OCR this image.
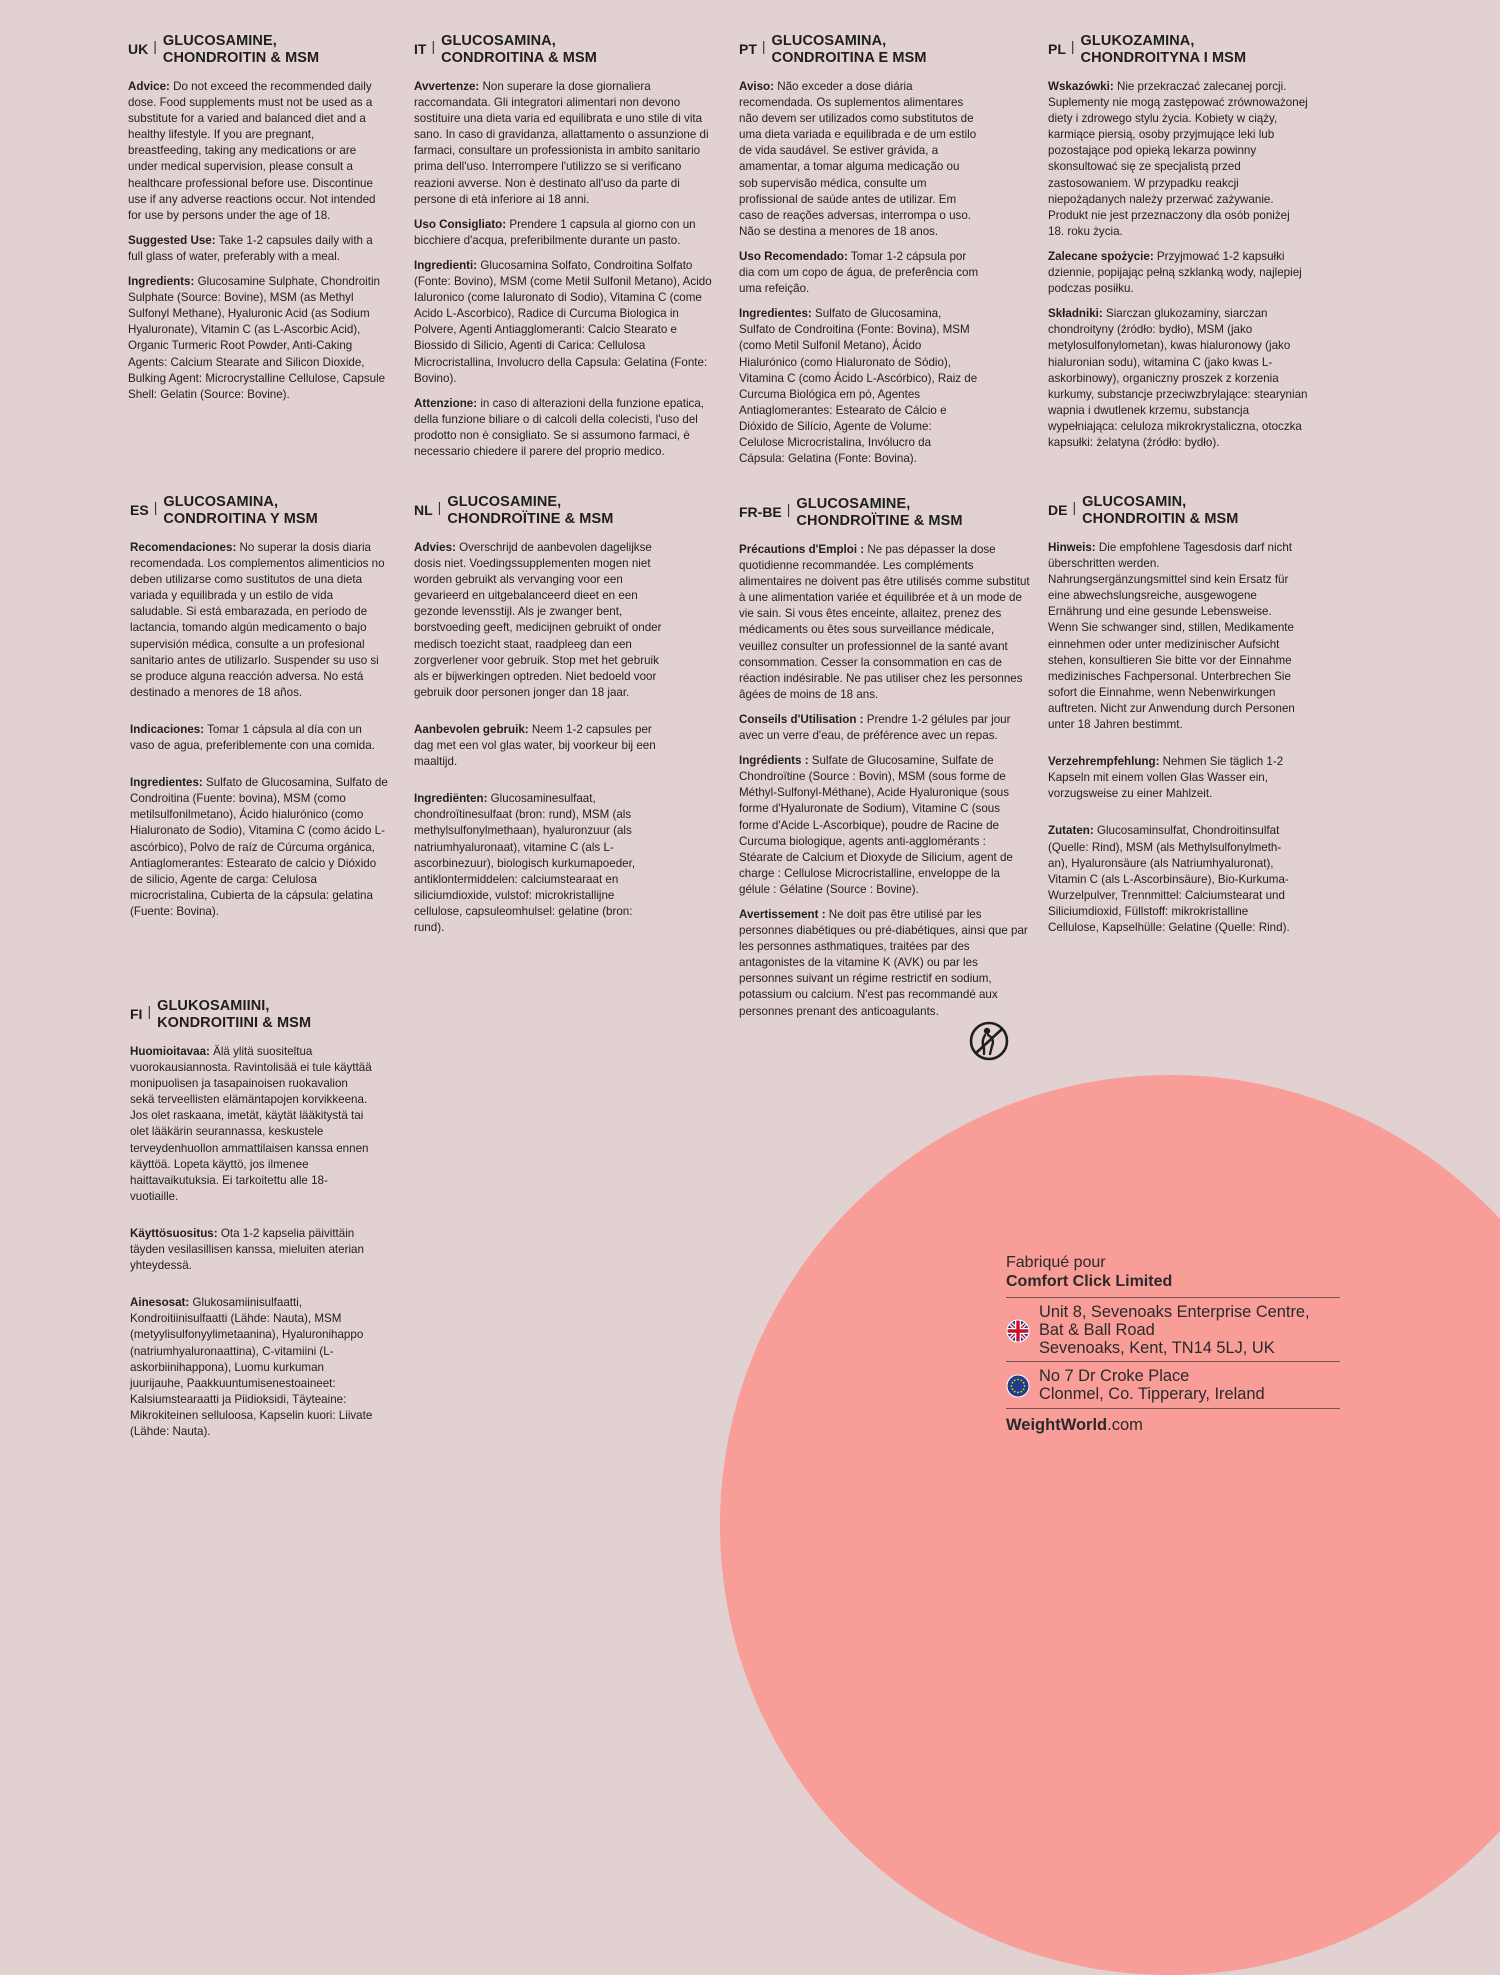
UK | GLUCOSAMINE,
CHONDROITIN & MSM

Advice: Do not exceed the recommended daily dose. Food supplements must not be used as a substitute for a varied and balanced diet and a healthy lifestyle. If you are pregnant, breastfeeding, taking any medications or are under medical supervision, please consult a healthcare professional before use. Discontinue use if any adverse reactions occur. Not intended for use by persons under the age of 18.

Suggested Use: Take 1-2 capsules daily with a full glass of water, preferably with a meal.

Ingredients: Glucosamine Sulphate, Chondroitin Sulphate (Source: Bovine), MSM (as Methyl Sulfonyl Methane), Hyaluronic Acid (as Sodium Hyaluronate), Vitamin C (as L-Ascorbic Acid), Organic Turmeric Root Powder, Anti-Caking Agents: Calcium Stearate and Silicon Dioxide, Bulking Agent: Microcrystalline Cellulose, Capsule Shell: Gelatin (Source: Bovine).

IT | GLUCOSAMINA,
CONDROITINA & MSM

Avvertenze: Non superare la dose giornaliera raccomandata. Gli integratori alimentari non devono sostituire una dieta varia ed equilibrata e uno stile di vita sano. In caso di gravidanza, allattamento o assunzione di farmaci, consultare un professionista in ambito sanitario prima dell'uso. Interrompere l'utilizzo se si verificano reazioni avverse. Non è destinato all'uso da parte di persone di età inferiore ai 18 anni.

Uso Consigliato: Prendere 1 capsula al giorno con un bicchiere d'acqua, preferibilmente durante un pasto.

Ingredienti: Glucosamina Solfato, Condroitina Solfato (Fonte: Bovino), MSM (come Metil Sulfonil Metano), Acido Ialuronico (come Ialuronato di Sodio), Vitamina C (come Acido L-Ascorbico), Radice di Curcuma Biologica in Polvere, Agenti Antiagglomeranti: Calcio Stearato e Biossido di Silicio, Agenti di Carica: Cellulosa Microcristallina, Involucro della Capsula: Gelatina (Fonte: Bovino).

Attenzione: in caso di alterazioni della funzione epatica, della funzione biliare o di calcoli della colecisti, l'uso del prodotto non è consigliato. Se si assumono farmaci, è necessario chiedere il parere del proprio medico.

PT | GLUCOSAMINA,
CONDROITINA E MSM

Aviso: Não exceder a dose diária recomendada. Os suplementos alimentares não devem ser utilizados como substitutos de uma dieta variada e equilibrada e de um estilo de vida saudável. Se estiver grávida, a amamentar, a tomar alguma medicação ou sob supervisão médica, consulte um profissional de saúde antes de utilizar. Em caso de reações adversas, interrompa o uso. Não se destina a menores de 18 anos.

Uso Recomendado: Tomar 1-2 cápsula por dia com um copo de água, de preferência com uma refeição.

Ingredientes: Sulfato de Glucosamina, Sulfato de Condroitina (Fonte: Bovina), MSM (como Metil Sulfonil Metano), Ácido Hialurónico (como Hialuronato de Sódio), Vitamina C (como Ácido L-Ascórbico), Raiz de Curcuma Biológica em pó, Agentes Antiaglomerantes: Estearato de Cálcio e Dióxido de Silício, Agente de Volume: Celulose Microcristalina, Invólucro da Cápsula: Gelatina (Fonte: Bovina).

PL | GLUKOZAMINA,
CHONDROITYNA I MSM

Wskazówki: Nie przekraczać zalecanej porcji. Suplementy nie mogą zastępować zrównoważonej diety i zdrowego stylu życia. Kobiety w ciąży, karmiące piersią, osoby przyjmujące leki lub pozostające pod opieką lekarza powinny skonsultować się ze specjalistą przed zastosowaniem. W przypadku reakcji niepożądanych należy przerwać zażywanie. Produkt nie jest przeznaczony dla osób poniżej 18. roku życia.

Zalecane spożycie: Przyjmować 1-2 kapsułki dziennie, popijając pełną szklanką wody, najlepiej podczas posiłku.

Składniki: Siarczan glukozaminy, siarczan chondroityny (źródło: bydło), MSM (jako metylosulfonylometan), kwas hialuronowy (jako hialuronian sodu), witamina C (jako kwas L-askorbinowy), organiczny proszek z korzenia kurkumy, substancje przeciwzbrylające: stearynian wapnia i dwutlenek krzemu, substancja wypełniająca: celuloza mikrokrystaliczna, otoczka kapsułki: żelatyna (źródło: bydło).

ES | GLUCOSAMINA,
CONDROITINA Y MSM

Recomendaciones: No superar la dosis diaria recomendada. Los complementos alimenticios no deben utilizarse como sustitutos de una dieta variada y equilibrada y un estilo de vida saludable. Si está embarazada, en período de lactancia, tomando algún medicamento o bajo supervisión médica, consulte a un profesional sanitario antes de utilizarlo. Suspender su uso si se produce alguna reacción adversa. No está destinado a menores de 18 años.

Indicaciones: Tomar 1 cápsula al día con un vaso de agua, preferiblemente con una comida.

Ingredientes: Sulfato de Glucosamina, Sulfato de Condroitina (Fuente: bovina), MSM (como metilsulfonilmetano), Ácido hialurónico (como Hialuronato de Sodio), Vitamina C (como ácido L-ascórbico), Polvo de raíz de Cúrcuma orgánica, Antiaglomerantes: Estearato de calcio y Dióxido de silicio, Agente de carga: Celulosa microcristalina, Cubierta de la cápsula: gelatina (Fuente: Bovina).

NL | GLUCOSAMINE,
CHONDROÏTINE & MSM

Advies: Overschrijd de aanbevolen dagelijkse dosis niet. Voedingssupplementen mogen niet worden gebruikt als vervanging voor een gevarieerd en uitgebalanceerd dieet en een gezonde levensstijl. Als je zwanger bent, borstvoeding geeft, medicijnen gebruikt of onder medisch toezicht staat, raadpleeg dan een zorgverlener voor gebruik. Stop met het gebruik als er bijwerkingen optreden. Niet bedoeld voor gebruik door personen jonger dan 18 jaar.

Aanbevolen gebruik: Neem 1-2 capsules per dag met een vol glas water, bij voorkeur bij een maaltijd.

Ingrediënten: Glucosaminesulfaat, chondroïtinesulfaat (bron: rund), MSM (als methylsulfonylmethaan), hyaluronzuur (als natriumhyaluronaat), vitamine C (als L-ascorbinezuur), biologisch kurkumapoeder, antiklontermiddelen: calciumstearaat en siliciumdioxide, vulstof: microkristallijne cellulose, capsuleomhulsel: gelatine (bron: rund).

FR-BE | GLUCOSAMINE,
CHONDROÏTINE & MSM

Précautions d'Emploi : Ne pas dépasser la dose quotidienne recommandée. Les compléments alimentaires ne doivent pas être utilisés comme substitut à une alimentation variée et équilibrée et à un mode de vie sain. Si vous êtes enceinte, allaitez, prenez des médicaments ou êtes sous surveillance médicale, veuillez consulter un professionnel de la santé avant consommation. Cesser la consommation en cas de réaction indésirable. Ne pas utiliser chez les personnes âgées de moins de 18 ans.

Conseils d'Utilisation : Prendre 1-2 gélules par jour avec un verre d'eau, de préférence avec un repas.

Ingrédients : Sulfate de Glucosamine, Sulfate de Chondroïtine (Source : Bovin), MSM (sous forme de Méthyl-Sulfonyl-Méthane), Acide Hyaluronique (sous forme d'Hyaluronate de Sodium), Vitamine C (sous forme d'Acide L-Ascorbique), poudre de Racine de Curcuma biologique, agents anti-agglomérants : Stéarate de Calcium et Dioxyde de Silicium, agent de charge : Cellulose Microcristalline, enveloppe de la gélule : Gélatine (Source : Bovine).

Avertissement : Ne doit pas être utilisé par les personnes diabétiques ou pré-diabétiques, ainsi que par les personnes asthmatiques, traitées par des antagonistes de la vitamine K (AVK) ou par les personnes suivant un régime restrictif en sodium, potassium ou calcium. N'est pas recommandé aux personnes prenant des anticoagulants.

DE | GLUCOSAMIN,
CHONDROITIN & MSM

Hinweis: Die empfohlene Tagesdosis darf nicht überschritten werden. Nahrungsergänzungsmittel sind kein Ersatz für eine abwechslungsreiche, ausgewogene Ernährung und eine gesunde Lebensweise. Wenn Sie schwanger sind, stillen, Medikamente einnehmen oder unter medizinischer Aufsicht stehen, konsultieren Sie bitte vor der Einnahme medizinisches Fachpersonal. Unterbrechen Sie sofort die Einnahme, wenn Nebenwirkungen auftreten. Nicht zur Anwendung durch Personen unter 18 Jahren bestimmt.

Verzehrempfehlung: Nehmen Sie täglich 1-2 Kapseln mit einem vollen Glas Wasser ein, vorzugsweise zu einer Mahlzeit.

Zutaten: Glucosaminsulfat, Chondroitinsulfat (Quelle: Rind), MSM (als Methylsulfonylmeth-an), Hyaluronsäure (als Natriumhyaluronat), Vitamin C (als L-Ascorbinsäure), Bio-Kurkuma-Wurzelpulver, Trennmittel: Calciumstearat und Siliciumdioxid, Füllstoff: mikrokristalline Cellulose, Kapselhülle: Gelatine (Quelle: Rind).

FI | GLUKOSAMIINI,
KONDROITIINI & MSM

Huomioitavaa: Älä ylitä suositeltua vuorokausiannosta. Ravintolisää ei tule käyttää monipuolisen ja tasapainoisen ruokavalion sekä terveellisten elämäntapojen korvikkeena. Jos olet raskaana, imetät, käytät lääkitystä tai olet lääkärin seurannassa, keskustele terveydenhuollon ammattilaisen kanssa ennen käyttöä. Lopeta käyttö, jos ilmenee haittavaikutuksia. Ei tarkoitettu alle 18-vuotiaille.

Käyttösuositus: Ota 1-2 kapselia päivittäin täyden vesilasillisen kanssa, mieluiten aterian yhteydessä.

Ainesosat: Glukosamiinisulfaatti, Kondroitiinisulfaatti (Lähde: Nauta), MSM (metyylisulfonyylimetaanina), Hyaluronihappo (natriumhyaluronaattina), C-vitamiini (L-askorbiinihappona), Luomu kurkuman juurijauhe, Paakkuuntumisenestoaineet: Kalsiumstearaatti ja Piidioksidi, Täyteaine: Mikrokiteinen selluloosa, Kapselin kuori: Liivate (Lähde: Nauta).

Fabriqué pour
Comfort Click Limited
Unit 8, Sevenoaks Enterprise Centre,
Bat & Ball Road
Sevenoaks, Kent, TN14 5LJ, UK
No 7 Dr Croke Place
Clonmel, Co. Tipperary, Ireland
WeightWorld.com
